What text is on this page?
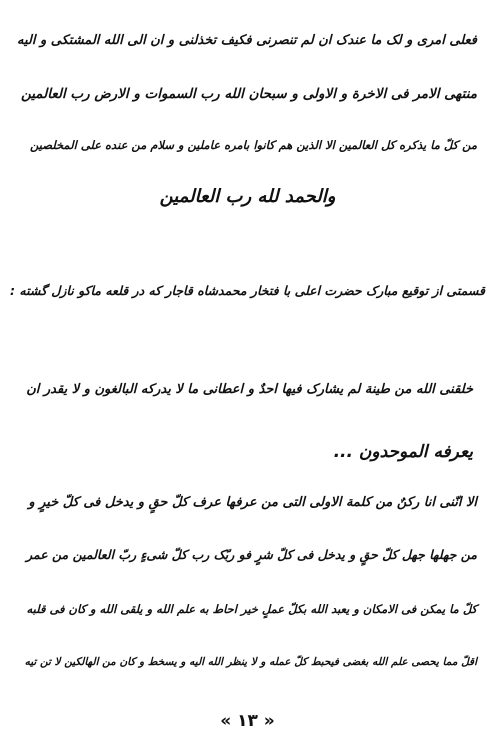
فعلی امری و لک ما عندک ان لم تنصرنی فکیف تخذلنی و ان الی الله المشتکی و الیه
منتهی الامر فی الاخرة و الاولی و سبحان الله رب السموات و الارض رب العالمین
من کلّ ما یذکره کل العالمین الا الذین هم کانوا بامره عاملین و سلام من عنده علی المخلصین
والحمد لله رب العالمین
قسمتی از توقیع مبارک حضرت اعلی با فتخار محمدشاه قاجار که در قلعه ماکو نازل گشته :
خلقنی الله من طینة لم یشارک فیها احدٌ و اعطانی ما لا یدرکه البالغون و لا یقدر ان
یعرفه الموحدون ...
الا انّنی انا رکنٌ من کلمة الاولی التی من عرفها عرف کلّ حقٍ و یدخل فی کلّ خیرٍ و
من جهلها جهل کلّ حقٍ و یدخل فی کلّ شرٍ فو ربّک رب کلّ شیءٍ ربّ العالمین من عمر
کلّ ما یمکن فی الامکان و یعبد الله بکلّ عملٍ خیر احاط به علم الله و یلقی الله و کان فی قلبه
اقلّ مما یحصی علم الله بغضی فیحبط کلّ عمله و لا ینظر الله الیه و یسخط و کان من الهالکین لا تن تیه
« ۱۳ »
